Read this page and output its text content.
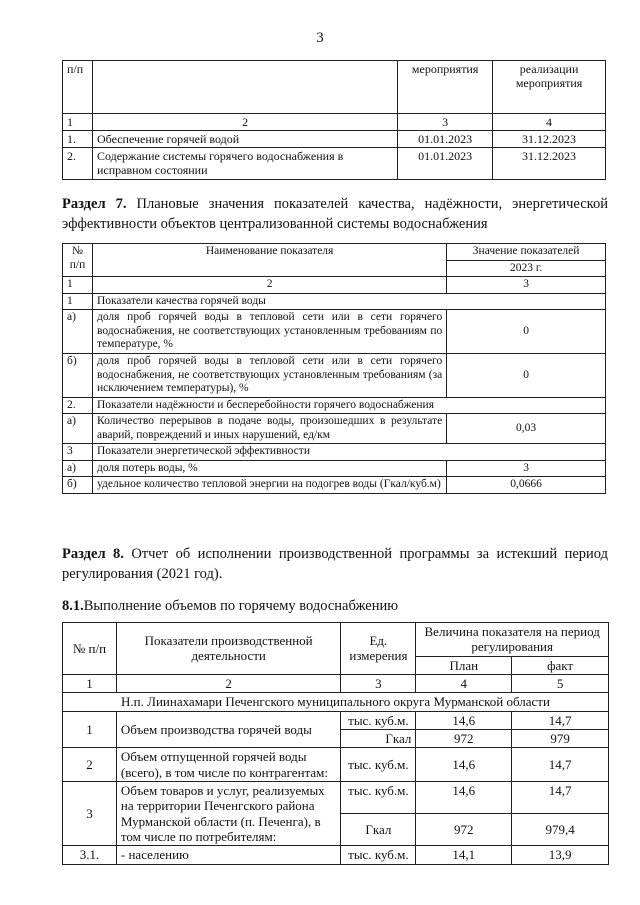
3
п/п		мероприятия	реализации мероприятия
1	2	3	4
1.	Обеспечение горячей водой	01.01.2023	31.12.2023
2.	Содержание системы горячего водоснабжения в исправном состоянии	01.01.2023	31.12.2023
Раздел 7. Плановые значения показателей качества, надёжности, энергетической эффективности объектов централизованной системы водоснабжения
№ п/п	Наименование показателя	Значение показателей
		2023 г.
1	2	3
1	Показатели качества горячей воды	
а)	доля проб горячей воды в тепловой сети или в сети горячего водоснабжения, не соответствующих установленным требованиям по температуре, %	0
б)	доля проб горячей воды в тепловой сети или в сети горячего водоснабжения, не соответствующих установленным требованиям (за исключением температуры), %	0
2.	Показатели надёжности и бесперебойности горячего водоснабжения	
а)	Количество перерывов в подаче воды, произошедших в результате аварий, повреждений и иных нарушений, ед/км	0,03
3	Показатели энергетической эффективности	
а)	доля потерь воды, %	3
б)	удельное количество тепловой энергии на подогрев воды (Гкал/куб.м)	0,0666
Раздел 8. Отчет об исполнении производственной программы за истекший период регулирования (2021 год).
8.1.Выполнение объемов по горячему водоснабжению
№ п/п	Показатели производственной деятельности	Ед. измерения	Величина показателя на период регулирования	
			План	факт
1	2	3	4	5
Н.п. Лиинахамари Печенгского муниципального округа Мурманской области				
1	Объем производства горячей воды	тыс. куб.м.	14,6	14,7
		Гкал	972	979
2	Объем отпущенной горячей воды (всего), в том числе по контрагентам:	тыс. куб.м.	14,6	14,7
3	Объем товаров и услуг, реализуемых на территории Печенгского района Мурманской области (п. Печенга), в том числе по потребителям:	тыс. куб.м.	14,6	14,7
		Гкал	972	979,4
3.1.	- населению	тыс. куб.м.	14,1	13,9
